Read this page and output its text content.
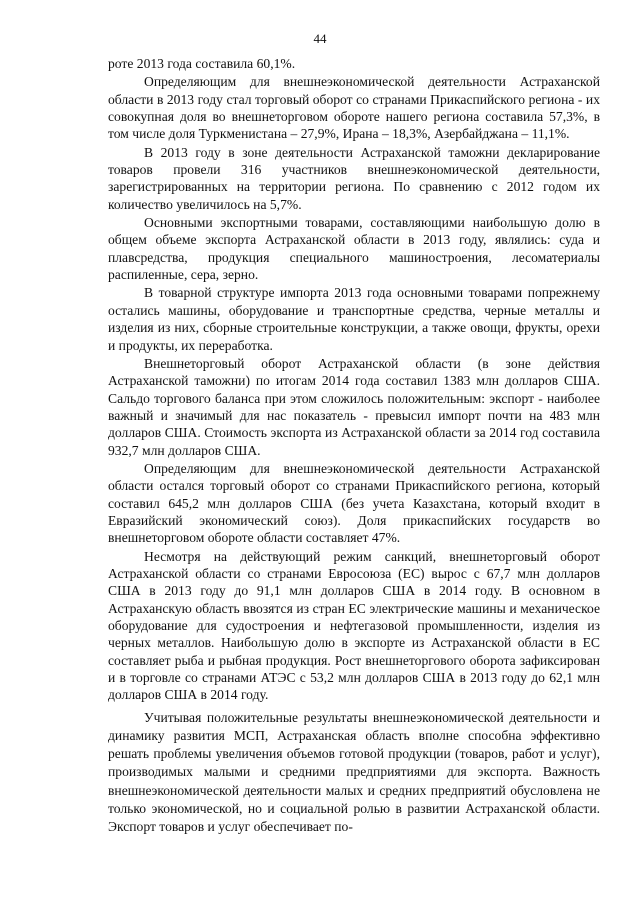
44

роте 2013 года составила 60,1%.

Определяющим для внешнеэкономической деятельности Астраханской области в 2013 году стал торговый оборот со странами Прикаспийского региона - их совокупная доля во внешнеторговом обороте нашего региона составила 57,3%, в том числе доля Туркменистана – 27,9%, Ирана – 18,3%, Азербайджана – 11,1%.

В 2013 году в зоне деятельности Астраханской таможни декларирование товаров провели 316 участников внешнеэкономической деятельности, зарегистрированных на территории региона. По сравнению с 2012 годом их количество увеличилось на 5,7%.

Основными экспортными товарами, составляющими наибольшую долю в общем объеме экспорта Астраханской области в 2013 году, являлись: суда и плавсредства, продукция специального машиностроения, лесоматериалы распиленные, сера, зерно.

В товарной структуре импорта 2013 года основными товарами попрежнему остались машины, оборудование и транспортные средства, черные металлы и изделия из них, сборные строительные конструкции, а также овощи, фрукты, орехи и продукты, их переработка.

Внешнеторговый оборот Астраханской области (в зоне действия Астраханской таможни) по итогам 2014 года составил 1383 млн долларов США. Сальдо торгового баланса при этом сложилось положительным: экспорт - наиболее важный и значимый для нас показатель - превысил импорт почти на 483 млн долларов США. Стоимость экспорта из Астраханской области за 2014 год составила 932,7 млн долларов США.

Определяющим для внешнеэкономической деятельности Астраханской области остался торговый оборот со странами Прикаспийского региона, который составил 645,2 млн долларов США (без учета Казахстана, который входит в Евразийский экономический союз). Доля прикаспийских государств во внешнеторговом обороте области составляет 47%.

Несмотря на действующий режим санкций, внешнеторговый оборот Астраханской области со странами Евросоюза (ЕС) вырос с 67,7 млн долларов США в 2013 году до 91,1 млн долларов США в 2014 году. В основном в Астраханскую область ввозятся из стран ЕС электрические машины и механическое оборудование для судостроения и нефтегазовой промышленности, изделия из черных металлов. Наибольшую долю в экспорте из Астраханской области в ЕС составляет рыба и рыбная продукция. Рост внешнеторгового оборота зафиксирован и в торговле со странами АТЭС с 53,2 млн долларов США в 2013 году до 62,1 млн долларов США в 2014 году.

Учитывая положительные результаты внешнеэкономической деятельности и динамику развития МСП, Астраханская область вполне способна эффективно решать проблемы увеличения объемов готовой продукции (товаров, работ и услуг), производимых малыми и средними предприятиями для экспорта. Важность внешнеэкономической деятельности малых и средних предприятий обусловлена не только экономической, но и социальной ролью в развитии Астраханской области. Экспорт товаров и услуг обеспечивает по-
